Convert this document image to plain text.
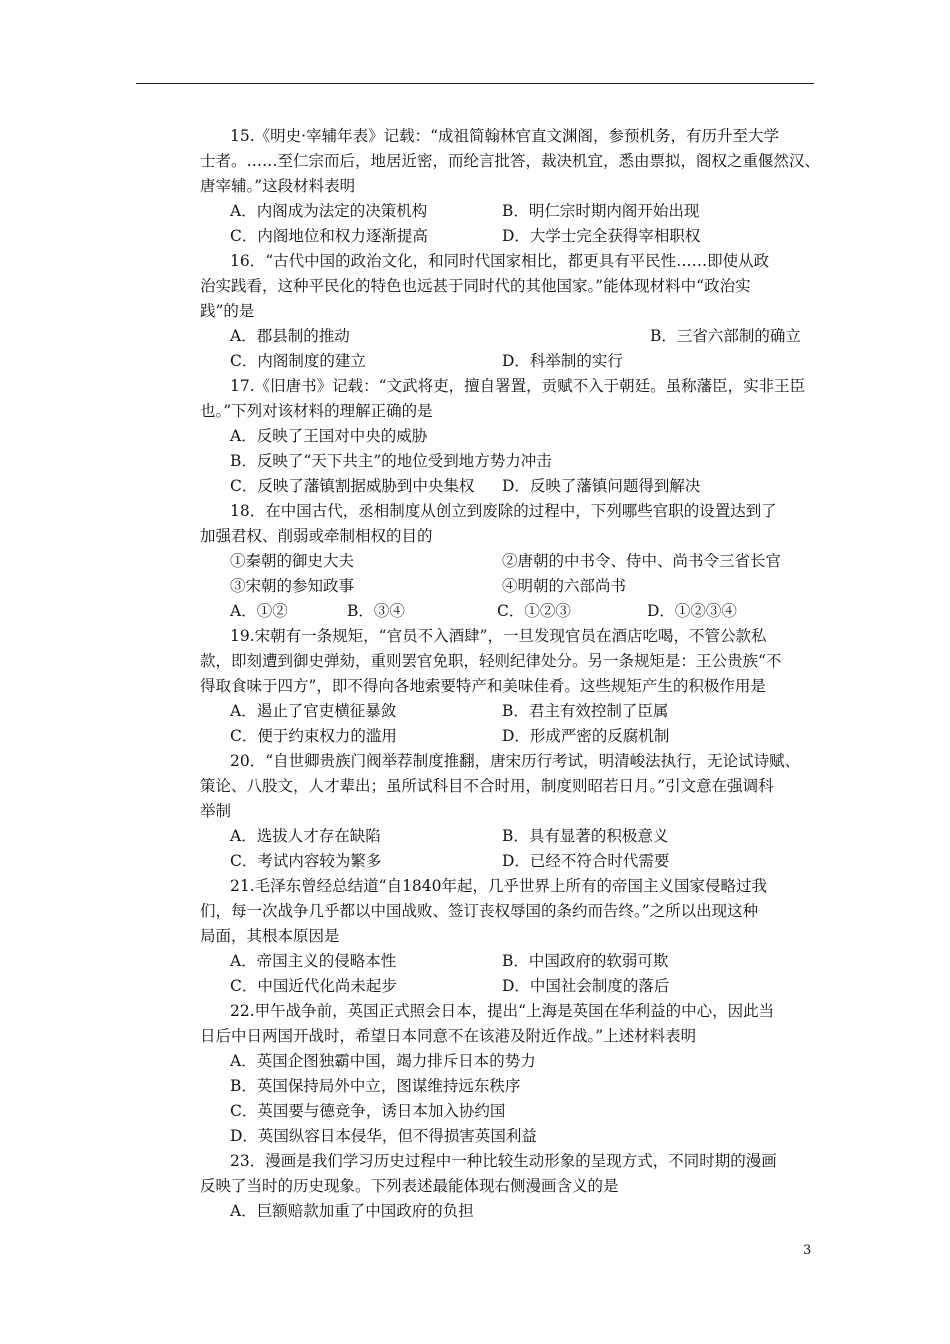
15.《明史·宰辅年表》记载：“成祖简翰林官直文渊阁，参预机务，有历升至大学

士者。……至仁宗而后，地居近密，而纶言批答，裁决机宜，悉由票拟，阁权之重偃然汉、

唐宰辅。”这段材料表明

A．内阁成为法定的决策机构	B．明仁宗时期内阁开始出现
C．内阁地位和权力逐渐提高	D．大学士完全获得宰相职权

16．“古代中国的政治文化，和同时代国家相比，都更具有平民性……即使从政

治实践看，这种平民化的特色也远甚于同时代的其他国家。”能体现材料中“政治实

践”的是

A．郡县制的推动	B．三省六部制的确立
C．内阁制度的建立	D．科举制的实行

17.《旧唐书》记载：“文武将吏，擅自署置，贡赋不入于朝廷。虽称藩臣，实非王臣

也。”下列对该材料的理解正确的是

A．反映了王国对中央的威胁

B．反映了“天下共主”的地位受到地方势力冲击

C．反映了藩镇割据威胁到中央集权	D．反映了藩镇问题得到解决

18．在中国古代，丞相制度从创立到废除的过程中，下列哪些官职的设置达到了

加强君权、削弱或牵制相权的目的

①秦朝的御史大夫	②唐朝的中书令、侍中、尚书令三省长官
③宋朝的参知政事	④明朝的六部尚书
A．①②	B．③④	C．①②③	D．①②③④

19.宋朝有一条规矩，“官员不入酒肆”，一旦发现官员在酒店吃喝，不管公款私

款，即刻遭到御史弹劾，重则罢官免职，轻则纪律处分。另一条规矩是：王公贵族“不

得取食味于四方”，即不得向各地索要特产和美味佳肴。这些规矩产生的积极作用是

A．遏止了官吏横征暴敛	B．君主有效控制了臣属
C．便于约束权力的滥用	D．形成严密的反腐机制

20．“自世卿贵族门阀举荐制度推翻，唐宋历行考试，明清峻法执行，无论试诗赋、

策论、八股文，人才辈出；虽所试科目不合时用，制度则昭若日月。”引文意在强调科

举制

A．选拔人才存在缺陷	B．具有显著的积极意义
C．考试内容较为繁多	D．已经不符合时代需要

21.毛泽东曾经总结道“自1840年起，几乎世界上所有的帝国主义国家侵略过我

们，每一次战争几乎都以中国战败、签订丧权辱国的条约而告终。”之所以出现这种

局面，其根本原因是

A．帝国主义的侵略本性	B．中国政府的软弱可欺
C．中国近代化尚未起步	D．中国社会制度的落后

22.甲午战争前，英国正式照会日本，提出“上海是英国在华利益的中心，因此当

日后中日两国开战时，希望日本同意不在该港及附近作战。”上述材料表明

A．英国企图独霸中国，竭力排斥日本的势力

B．英国保持局外中立，图谋维持远东秩序

C．英国要与德竞争，诱日本加入协约国

D．英国纵容日本侵华，但不得损害英国利益

23．漫画是我们学习历史过程中一种比较生动形象的呈现方式，不同时期的漫画

反映了当时的历史现象。下列表述最能体现右侧漫画含义的是

A．巨额赔款加重了中国政府的负担

3
